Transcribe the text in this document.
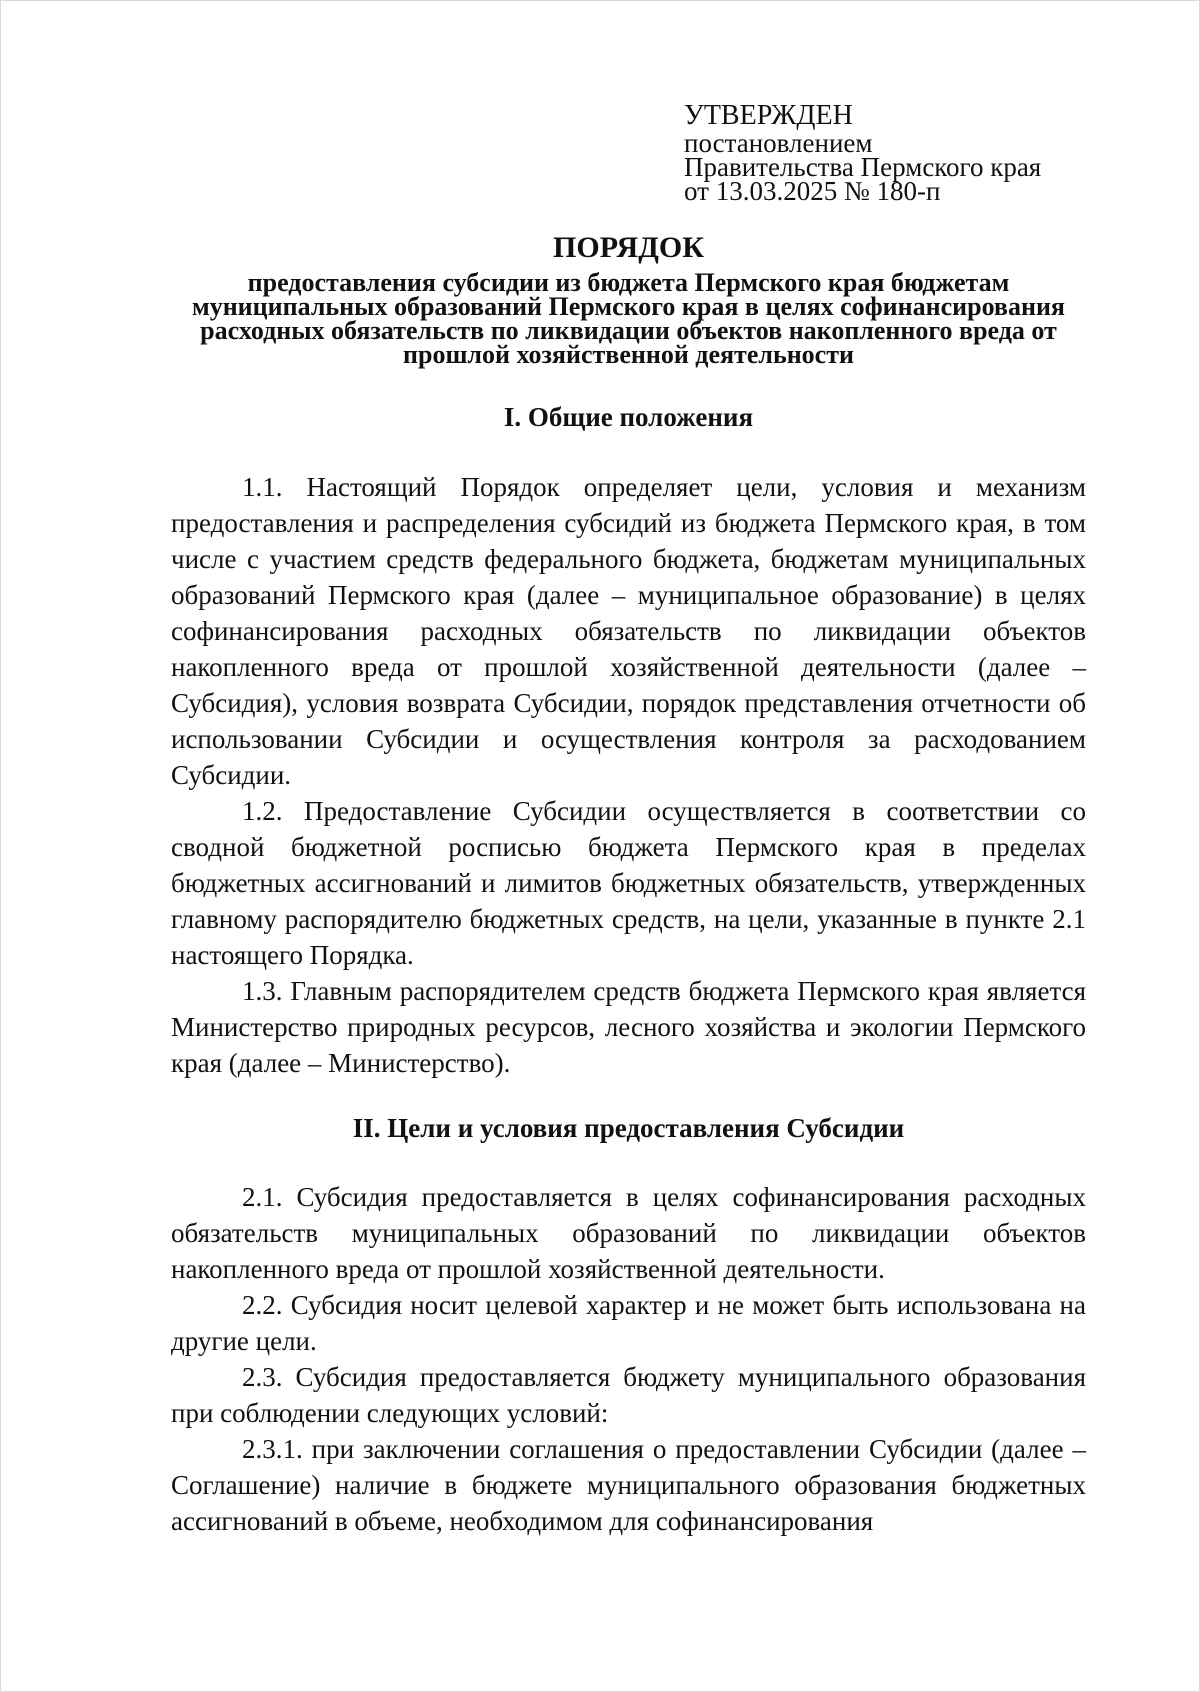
УТВЕРЖДЕН
постановлением
Правительства Пермского края
от 13.03.2025 № 180-п
ПОРЯДОК
предоставления субсидии из бюджета Пермского края бюджетам муниципальных образований Пермского края в целях софинансирования расходных обязательств по ликвидации объектов накопленного вреда от прошлой хозяйственной деятельности
I. Общие положения

1.1. Настоящий Порядок определяет цели, условия и механизм предоставления и распределения субсидий из бюджета Пермского края, в том числе с участием средств федерального бюджета, бюджетам муниципальных образований Пермского края (далее – муниципальное образование) в целях софинансирования расходных обязательств по ликвидации объектов накопленного вреда от прошлой хозяйственной деятельности (далее – Субсидия), условия возврата Субсидии, порядок представления отчетности об использовании Субсидии и осуществления контроля за расходованием Субсидии.

1.2. Предоставление Субсидии осуществляется в соответствии со сводной бюджетной росписью бюджета Пермского края в пределах бюджетных ассигнований и лимитов бюджетных обязательств, утвержденных главному распорядителю бюджетных средств, на цели, указанные в пункте 2.1 настоящего Порядка.

1.3. Главным распорядителем средств бюджета Пермского края является Министерство природных ресурсов, лесного хозяйства и экологии Пермского края (далее – Министерство).

II. Цели и условия предоставления Субсидии

2.1. Субсидия предоставляется в целях софинансирования расходных обязательств муниципальных образований по ликвидации объектов накопленного вреда от прошлой хозяйственной деятельности.

2.2. Субсидия носит целевой характер и не может быть использована на другие цели.

2.3. Субсидия предоставляется бюджету муниципального образования при соблюдении следующих условий:

2.3.1. при заключении соглашения о предоставлении Субсидии (далее – Соглашение) наличие в бюджете муниципального образования бюджетных ассигнований в объеме, необходимом для софинансирования
